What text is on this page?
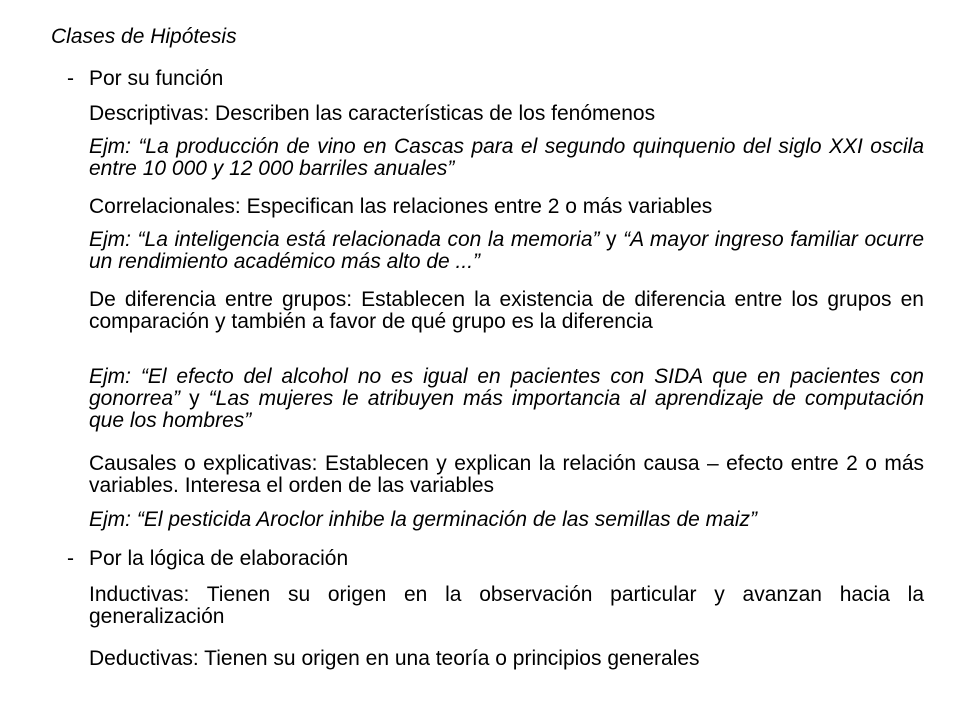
Clases de Hipótesis
- Por su función
Descriptivas: Describen las características de los fenómenos
Ejm: “La producción de vino en Cascas para el segundo quinquenio del siglo XXI oscila entre 10 000 y 12 000 barriles anuales”
Correlacionales: Especifican las relaciones entre 2 o más variables
Ejm: “La inteligencia está relacionada con la memoria” y “A mayor ingreso familiar ocurre un rendimiento académico más alto de ...”
De diferencia entre grupos: Establecen la existencia de diferencia entre los grupos en comparación y también a favor de qué grupo es la diferencia
Ejm: “El efecto del alcohol no es igual en pacientes con SIDA que en pacientes con gonorrea” y “Las mujeres le atribuyen más importancia al aprendizaje de computación que los hombres”
Causales o explicativas: Establecen y explican la relación causa – efecto entre 2 o más variables. Interesa el orden de las variables
Ejm: “El pesticida Aroclor inhibe la germinación de las semillas de maiz”
- Por la lógica de elaboración
Inductivas: Tienen su origen en la observación particular y avanzan hacia la generalización
Deductivas: Tienen su origen en una teoría o principios generales
